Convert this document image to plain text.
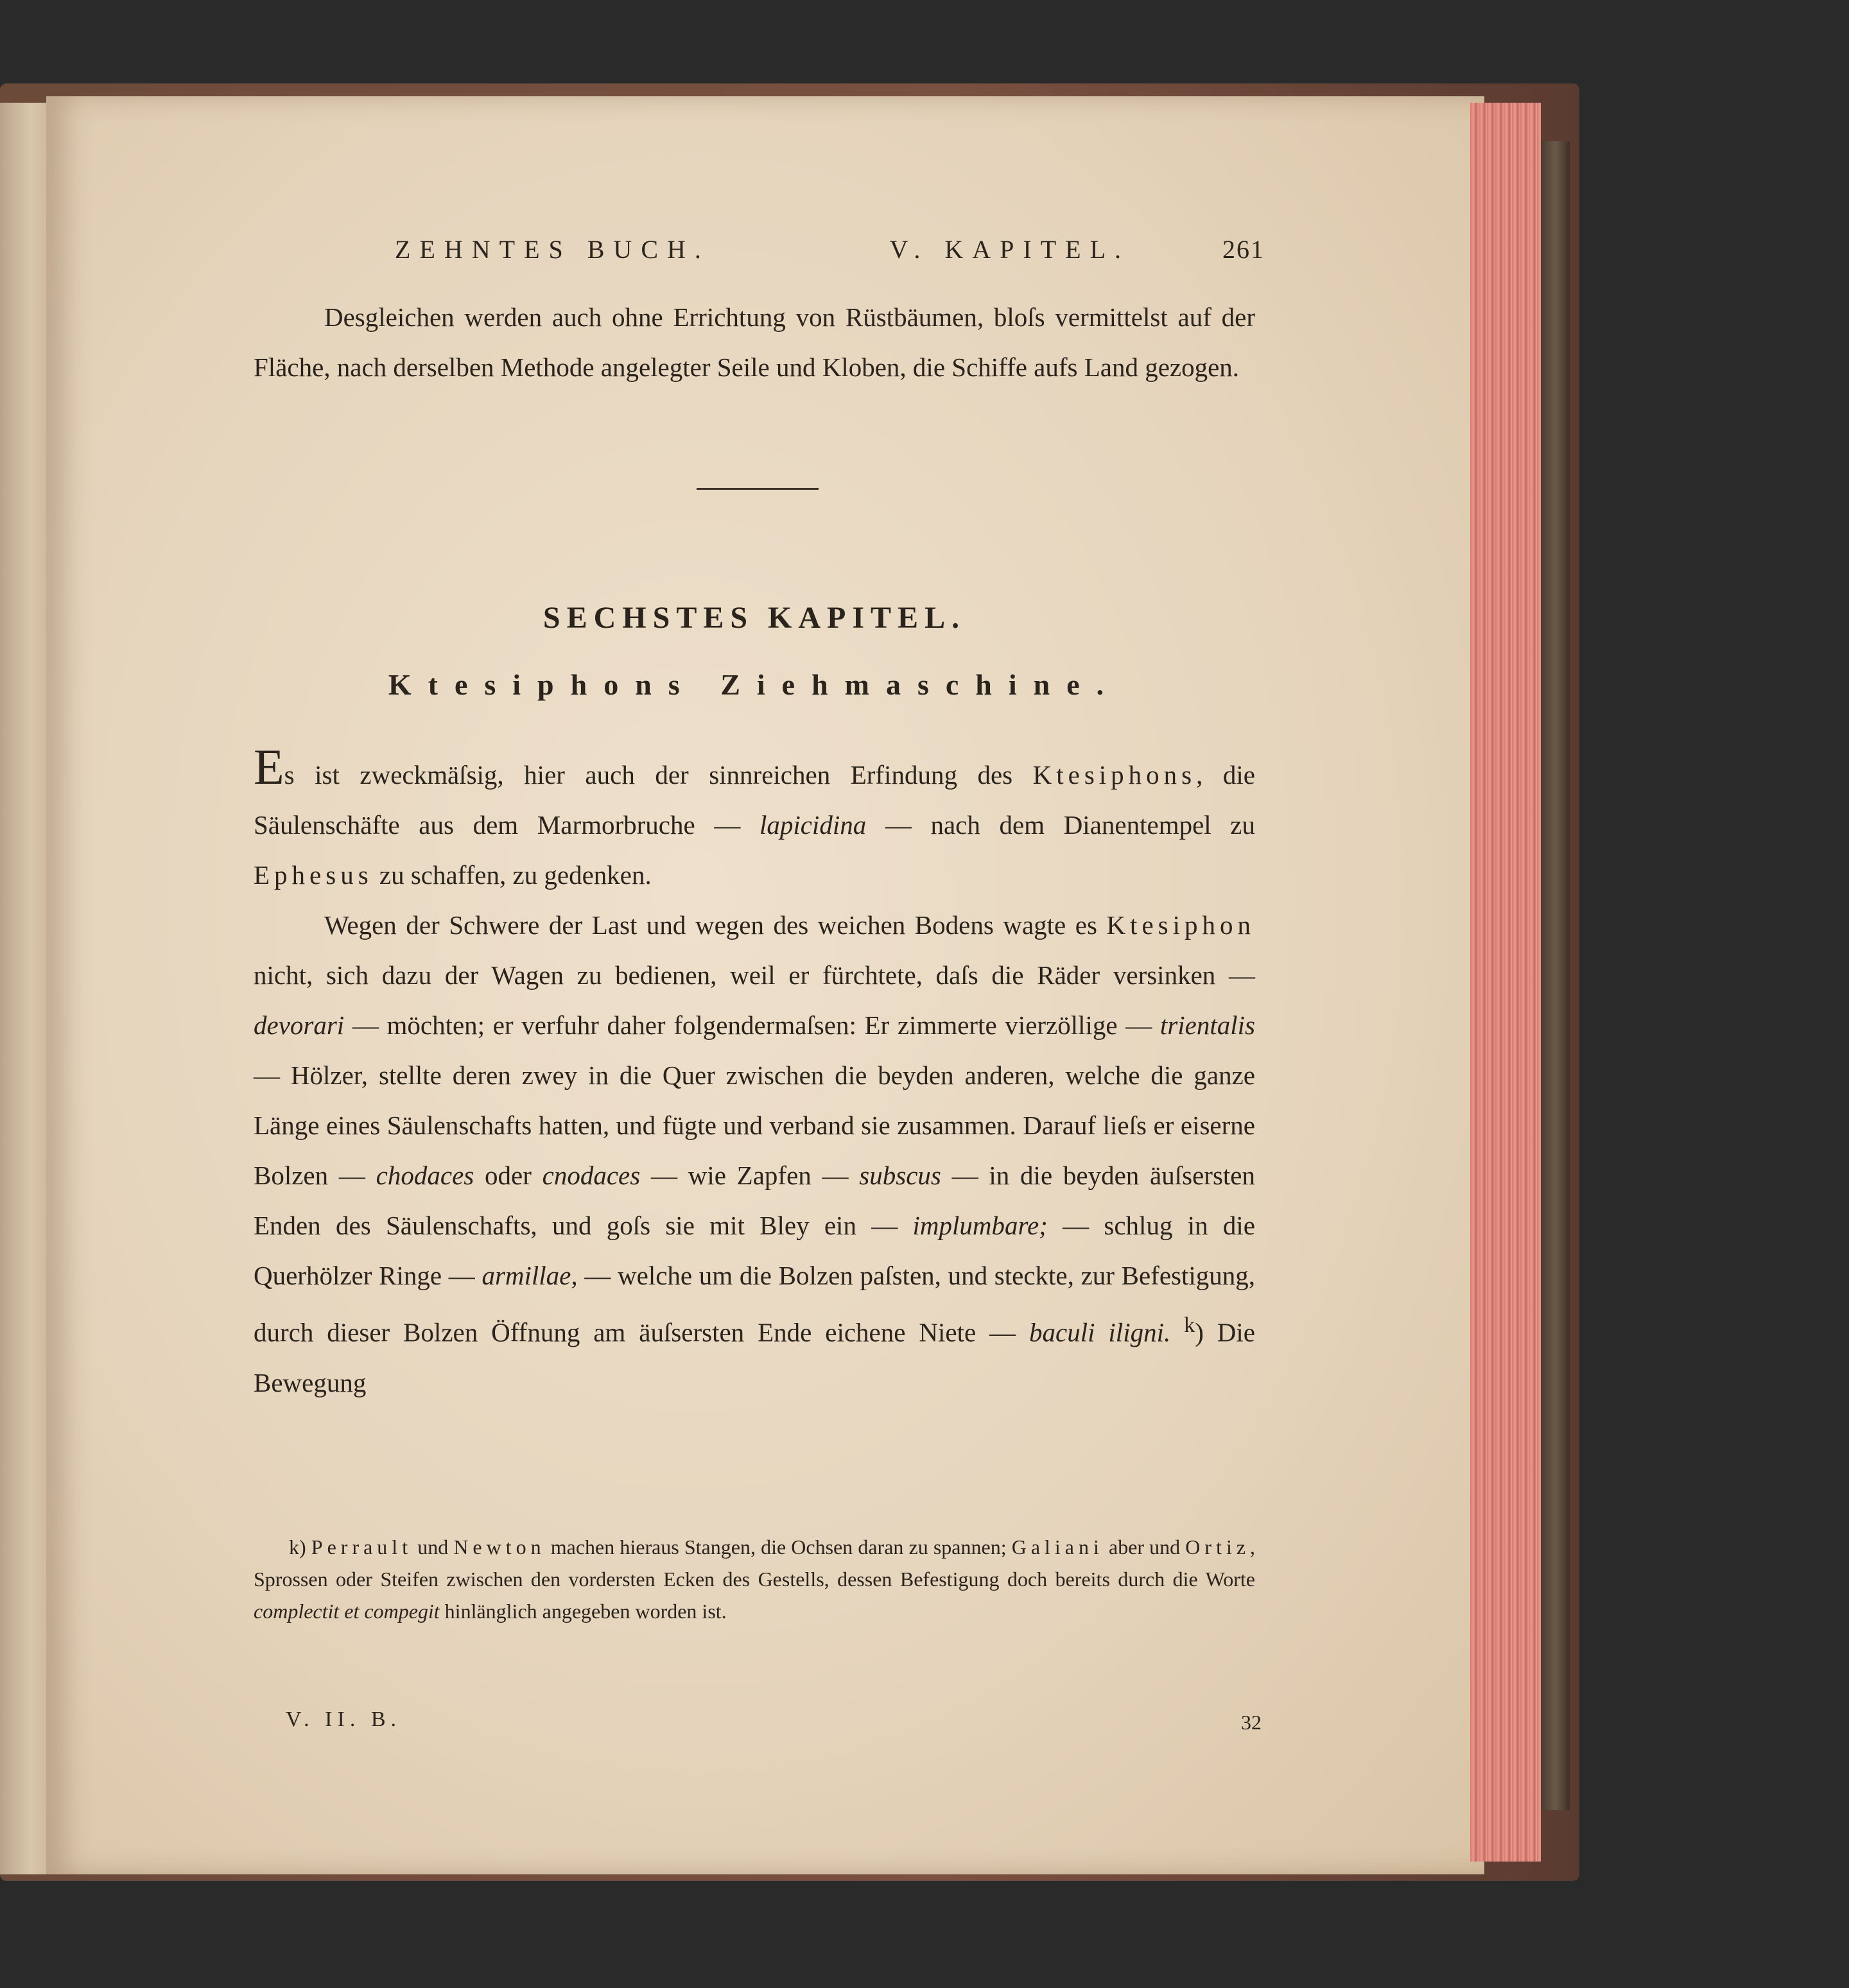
ZEHNTES BUCH.	V. KAPITEL.	261
Desgleichen werden auch ohne Errichtung von Rüstbäumen, bloſs vermittelst auf der Fläche, nach derselben Methode angelegter Seile und Kloben, die Schiffe aufs Land gezogen.
SECHSTES KAPITEL.
Ktesiphons Ziehmaschine.
Es ist zweckmäſsig, hier auch der sinnreichen Erfindung des Ktesiphons, die Säulenschäfte aus dem Marmorbruche — lapicidina — nach dem Dianentempel zu Ephesus zu schaffen, zu gedenken.
Wegen der Schwere der Last und wegen des weichen Bodens wagte es Ktesiphon nicht, sich dazu der Wagen zu bedienen, weil er fürchtete, daſs die Räder versinken — devorari — möchten; er verfuhr daher folgendermaſsen: Er zimmerte vierzöllige — trientalis — Hölzer, stellte deren zwey in die Quer zwischen die beyden anderen, welche die ganze Länge eines Säulenschafts hatten, und fügte und verband sie zusammen. Darauf lieſs er eiserne Bolzen — chodaces oder cnodaces — wie Zapfen — subscus — in die beyden äuſsersten Enden des Säulenschafts, und goſs sie mit Bley ein — implumbare; — schlug in die Querhölzer Ringe — armillae, — welche um die Bolzen paſsten, und steckte, zur Befestigung, durch dieser Bolzen Öffnung am äuſsersten Ende eichene Niete — baculi iligni. $^k$) Die Bewegung
k) Perrault und Newton machen hieraus Stangen, die Ochsen daran zu spannen; Galiani aber und Ortiz, Sprossen oder Steifen zwischen den vordersten Ecken des Gestells, dessen Befestigung doch bereits durch die Worte complectit et compegit hinlänglich angegeben worden ist.
V. II. B.	32
